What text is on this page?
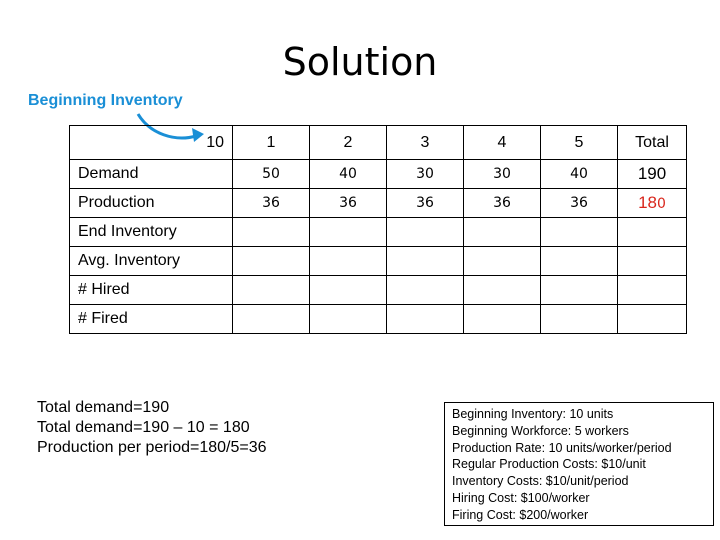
Solution
Beginning Inventory
10	1	2	3	4	5	Total
Demand	50	40	30	30	40	190
Production	36	36	36	36	36	180
End Inventory						
Avg. Inventory						
# Hired						
# Fired						
Total demand=190
Total demand=190 – 10 = 180
Production per period=180/5=36
Beginning Inventory: 10 units
Beginning Workforce: 5 workers
Production Rate: 10 units/worker/period
Regular Production Costs: $10/unit
Inventory Costs: $10/unit/period
Hiring Cost: $100/worker
Firing Cost: $200/worker
